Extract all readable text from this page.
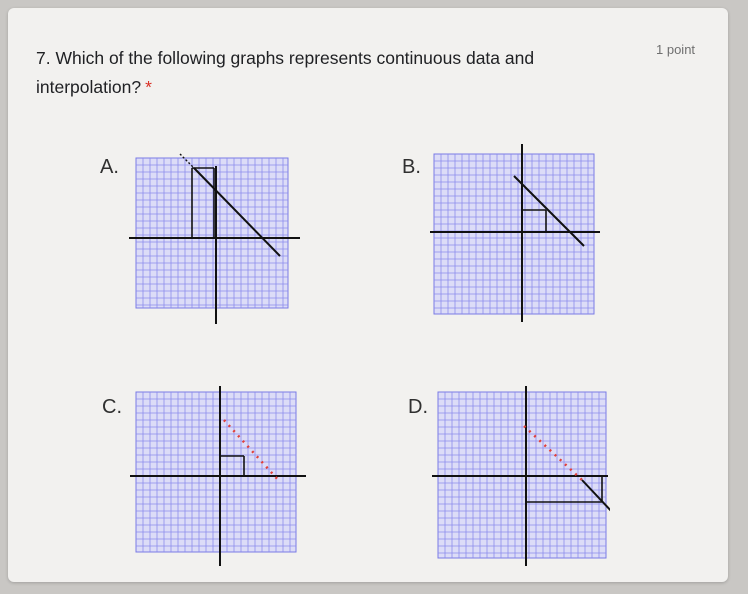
7. Which of the following graphs represents continuous data and interpolation? *
1 point
A.	B.
C.	D.
